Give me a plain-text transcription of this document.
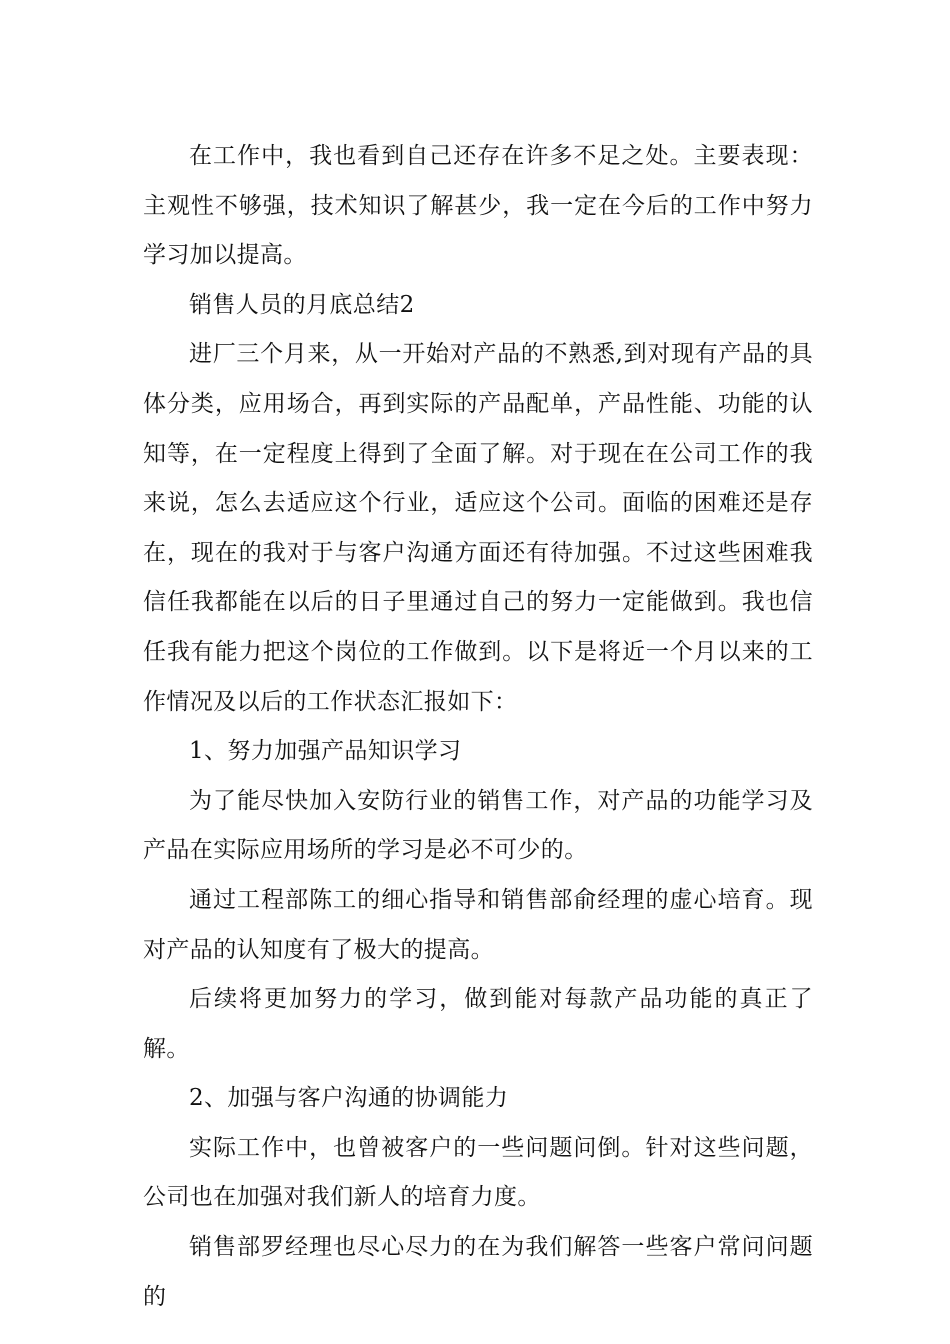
在工作中，我也看到自己还存在许多不足之处。主要表现：主观性不够强，技术知识了解甚少，我一定在今后的工作中努力学习加以提高。

销售人员的月底总结2

进厂三个月来，从一开始对产品的不熟悉,到对现有产品的具体分类，应用场合，再到实际的产品配单，产品性能、功能的认知等，在一定程度上得到了全面了解。对于现在在公司工作的我来说，怎么去适应这个行业，适应这个公司。面临的困难还是存在，现在的我对于与客户沟通方面还有待加强。不过这些困难我信任我都能在以后的日子里通过自己的努力一定能做到。我也信任我有能力把这个岗位的工作做到。以下是将近一个月以来的工作情况及以后的工作状态汇报如下：

1、努力加强产品知识学习

为了能尽快加入安防行业的销售工作，对产品的功能学习及产品在实际应用场所的学习是必不可少的。

通过工程部陈工的细心指导和销售部俞经理的虚心培育。现对产品的认知度有了极大的提高。

后续将更加努力的学习，做到能对每款产品功能的真正了解。

2、加强与客户沟通的协调能力

实际工作中，也曾被客户的一些问题问倒。针对这些问题，公司也在加强对我们新人的培育力度。

销售部罗经理也尽心尽力的在为我们解答一些客户常问问题的
